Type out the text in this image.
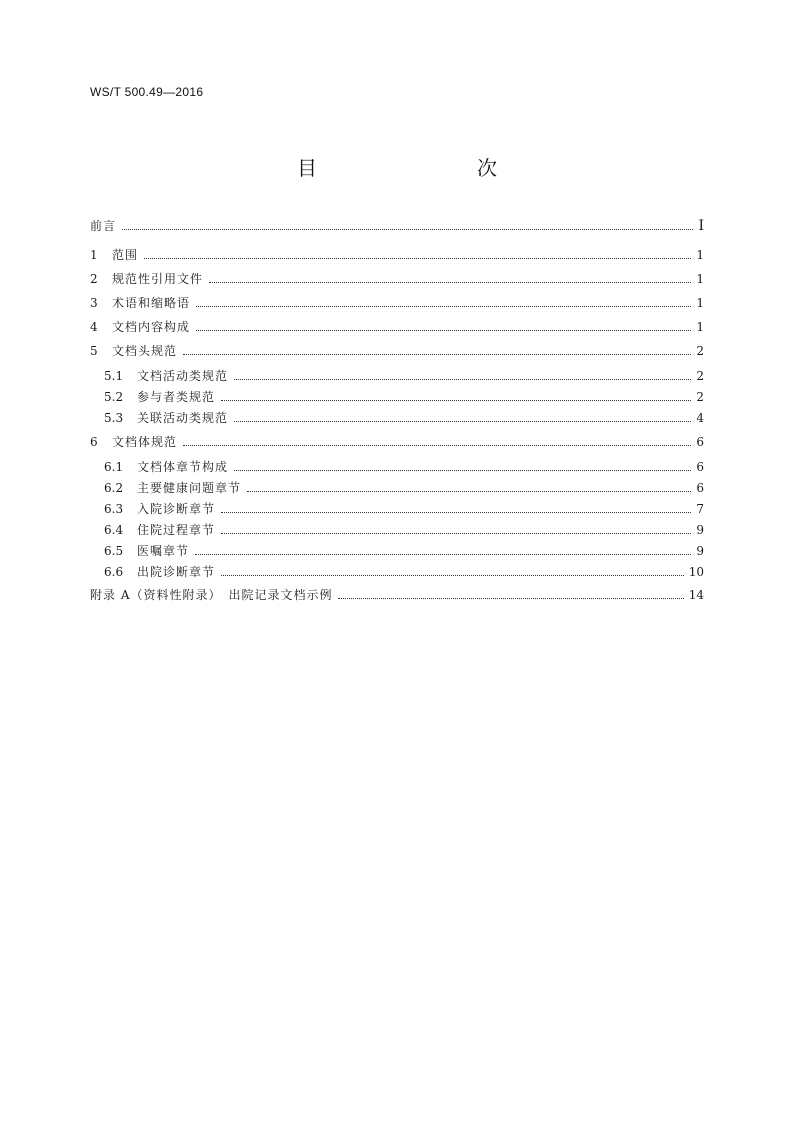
WS/T 500.49—2016
目　　次
前言	Ⅰ
1	范围	1
2	规范性引用文件	1
3	术语和缩略语	1
4	文档内容构成	1
5	文档头规范	2
5.1	文档活动类规范	2
5.2	参与者类规范	2
5.3	关联活动类规范	4
6	文档体规范	6
6.1	文档体章节构成	6
6.2	主要健康问题章节	6
6.3	入院诊断章节	7
6.4	住院过程章节	9
6.5	医嘱章节	9
6.6	出院诊断章节	10
附录 A（资料性附录）　出院记录文档示例	14
